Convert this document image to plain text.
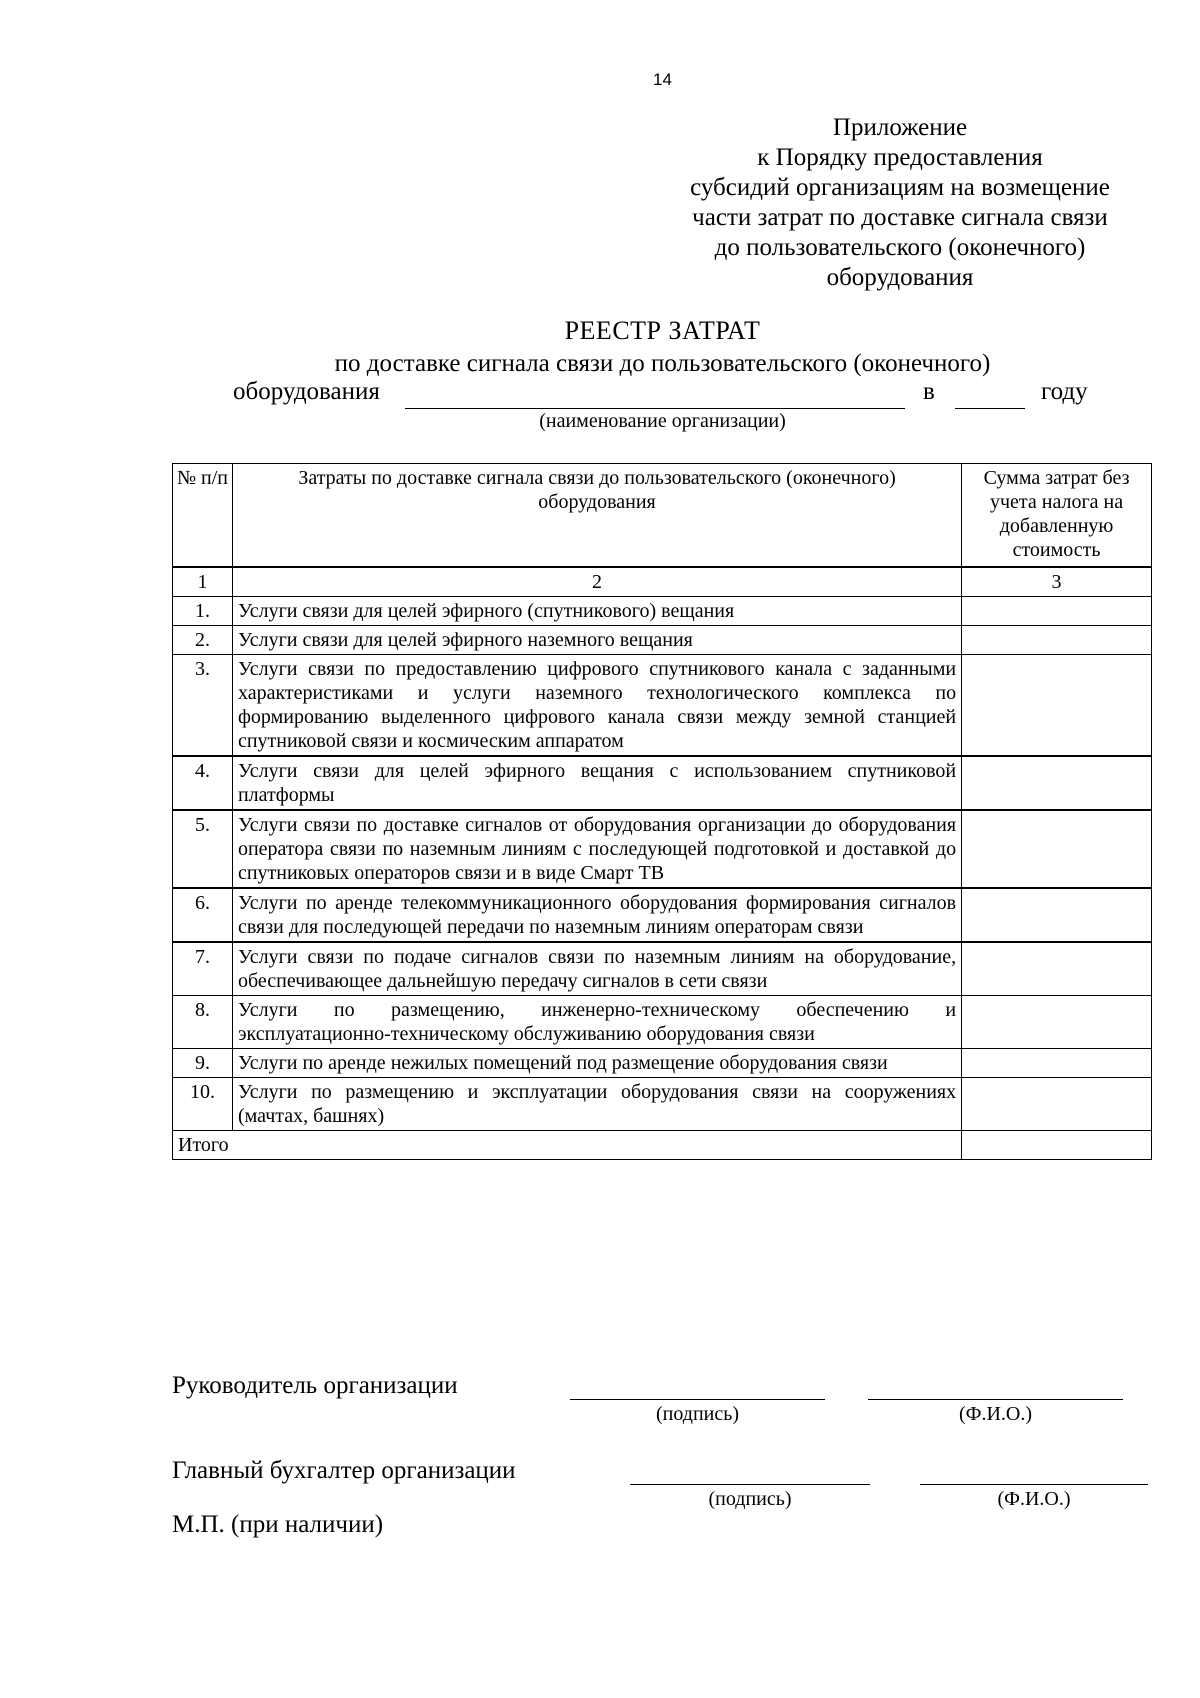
14
Приложение
к Порядку предоставления
субсидий организациям на возмещение
части затрат по доставке сигнала связи
до пользовательского (оконечного)
оборудования
РЕЕСТР ЗАТРАТ
по доставке сигнала связи до пользовательского (оконечного)
оборудования	в	году
(наименование организации)
№ п/п	Затраты по доставке сигнала связи до пользовательского (оконечного) оборудования	Сумма затрат без учета налога на добавленную стоимость
1	2	3
1.	Услуги связи для целей эфирного (спутникового) вещания	
2.	Услуги связи для целей эфирного наземного вещания	
3.	Услуги связи по предоставлению цифрового спутникового канала с заданными характеристиками и услуги наземного технологического комплекса по формированию выделенного цифрового канала связи между земной станцией спутниковой связи и космическим аппаратом	
4.	Услуги связи для целей эфирного вещания с использованием спутниковой платформы	
5.	Услуги связи по доставке сигналов от оборудования организации до оборудования оператора связи по наземным линиям с последующей подготовкой и доставкой до спутниковых операторов связи и в виде Смарт ТВ	
6.	Услуги по аренде телекоммуникационного оборудования формирования сигналов связи для последующей передачи по наземным линиям операторам связи	
7.	Услуги связи по подаче сигналов связи по наземным линиям на оборудование, обеспечивающее дальнейшую передачу сигналов в сети связи	
8.	Услуги по размещению, инженерно-техническому обеспечению и эксплуатационно-техническому обслуживанию оборудования связи	
9.	Услуги по аренде нежилых помещений под размещение оборудования связи	
10.	Услуги по размещению и эксплуатации оборудования связи на сооружениях (мачтах, башнях)	
Итого		
Руководитель организации
(подпись)	(Ф.И.О.)
Главный бухгалтер организации
(подпись)	(Ф.И.О.)
М.П. (при наличии)
